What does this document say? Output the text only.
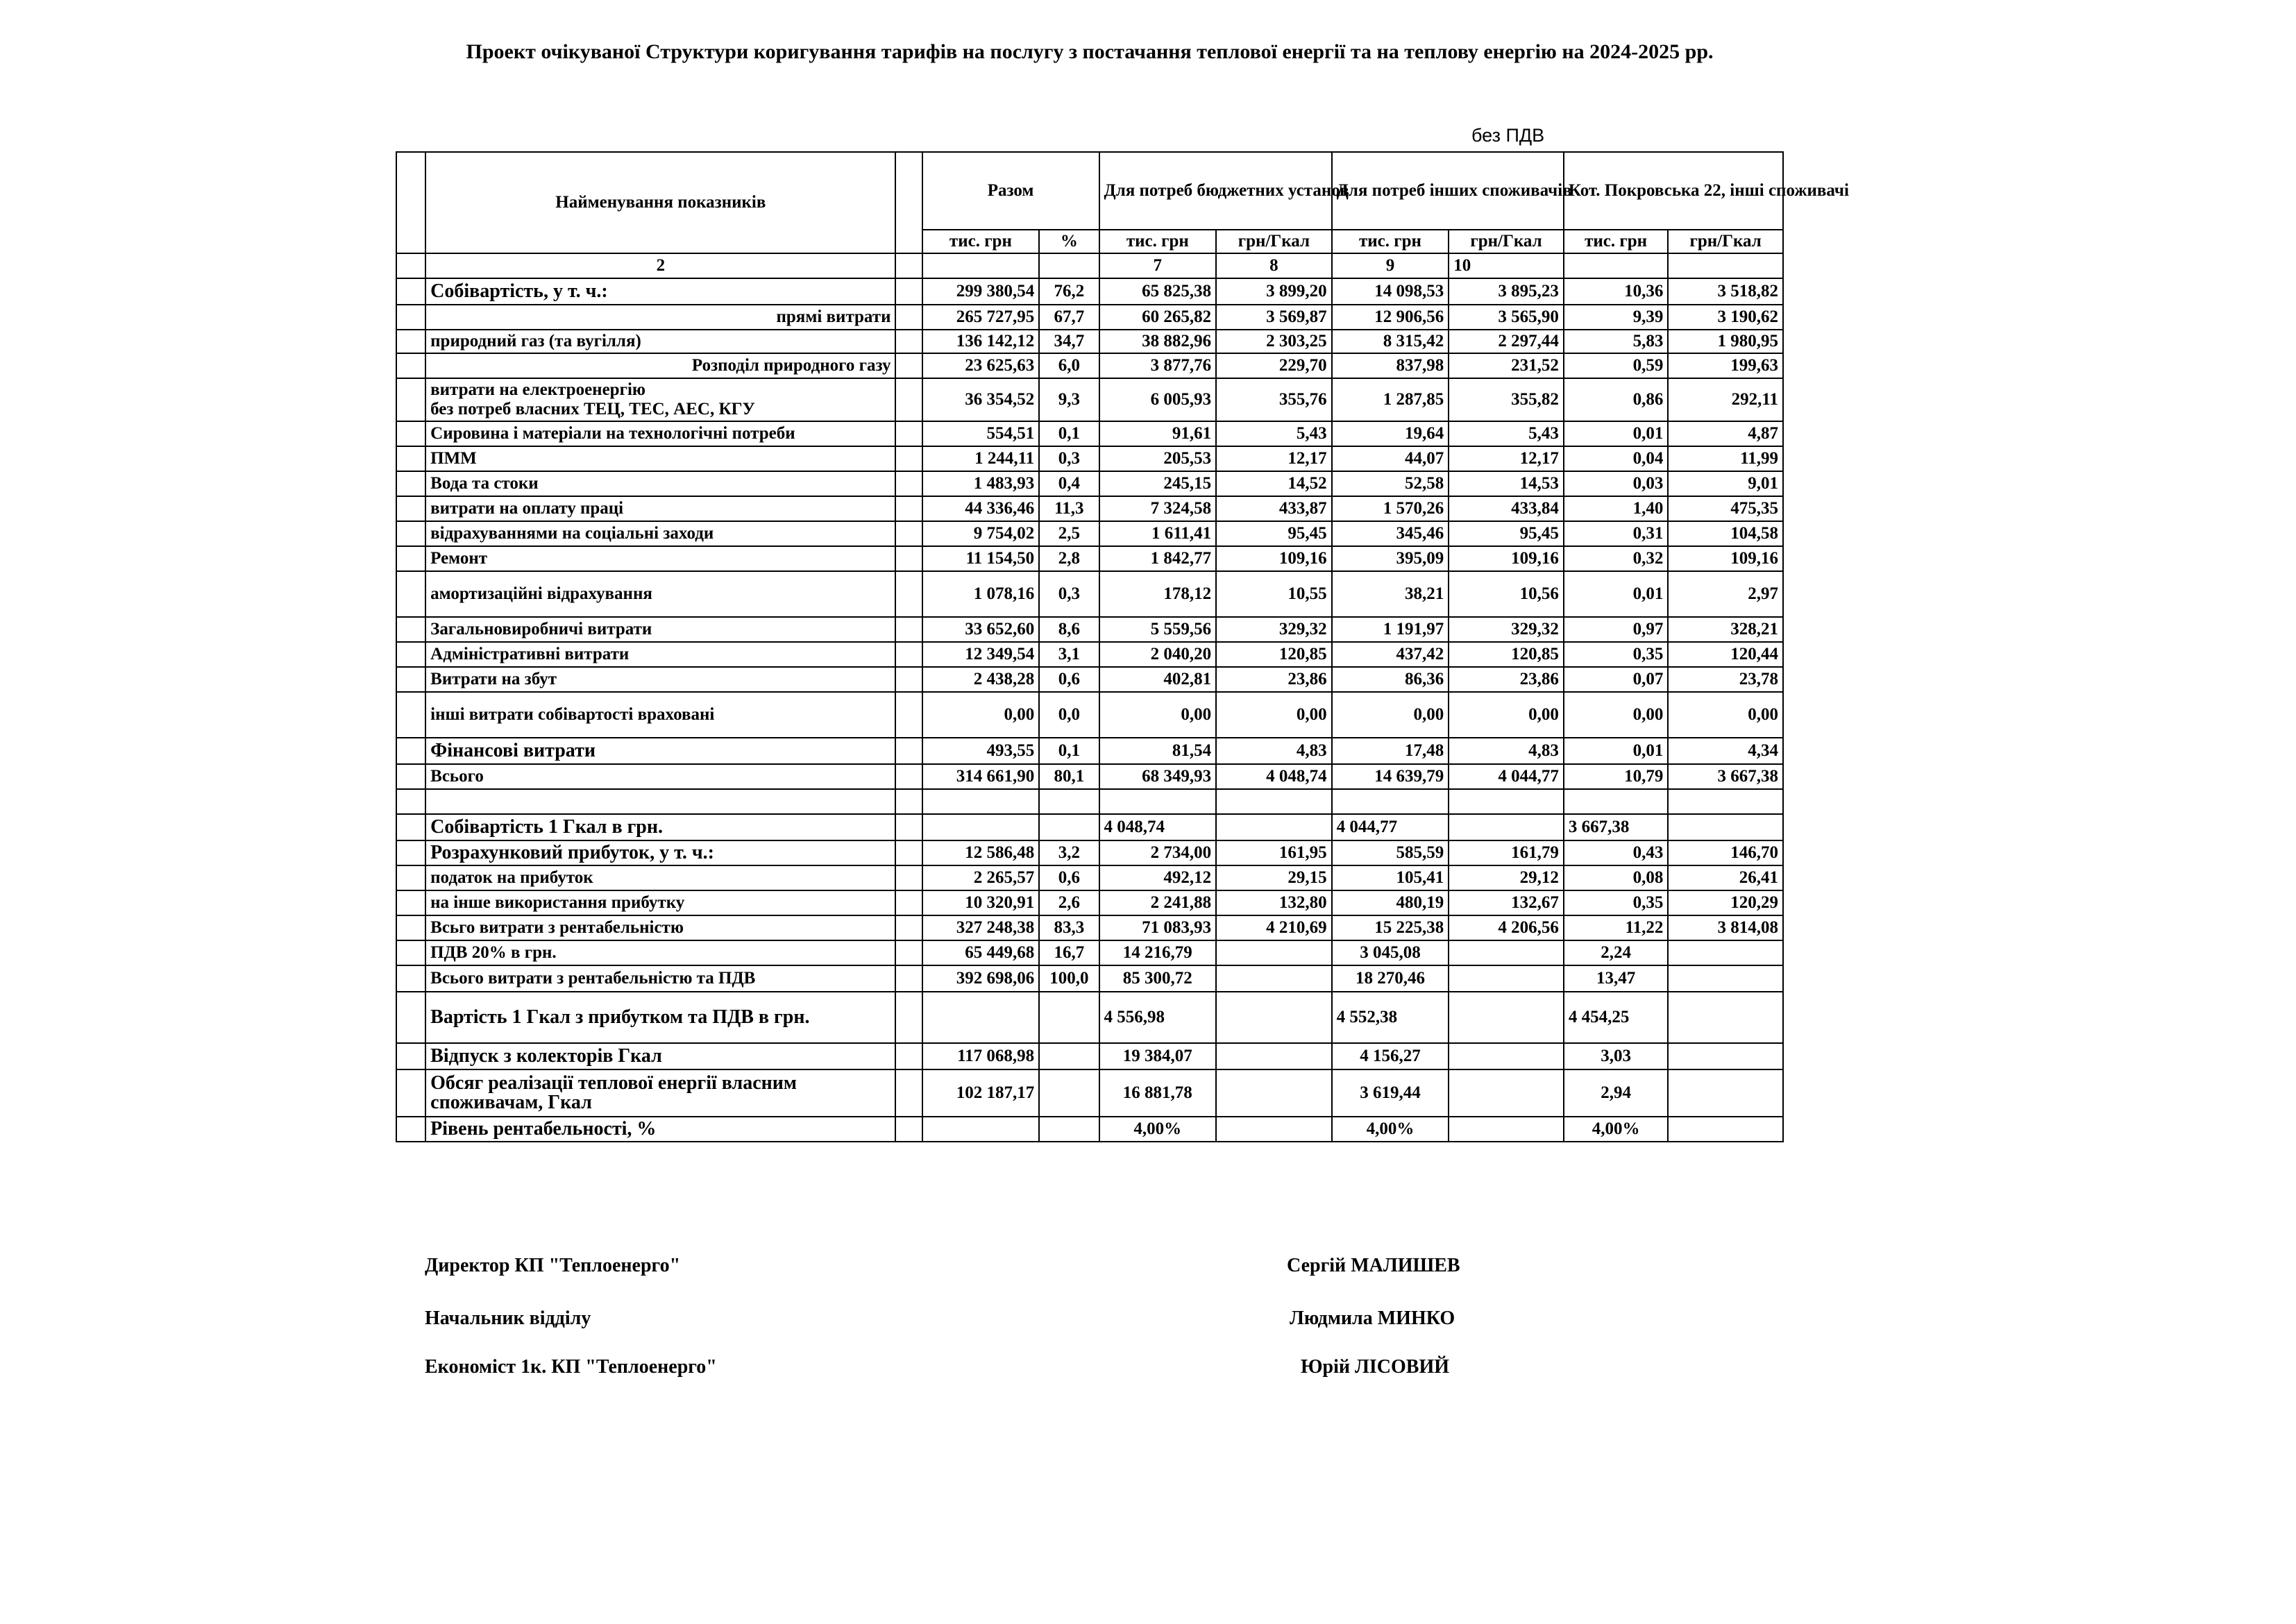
Проект очікуваної Структури коригування тарифів на послугу з постачання теплової енергії та на теплову енергію на 2024-2025 рр.
без ПДВ
	Найменування показників		Разом		Для потреб бюджетних установ		Для потреб інших споживачів		Кот. Покровська 22, інші споживачі	
			тис. грн	%	тис. грн	грн/Гкал	тис. грн	грн/Гкал	тис. грн	грн/Гкал
	2				7	8	9	10		
	Собівартість, у т. ч.:		299 380,54	76,2	65 825,38	3 899,20	14 098,53	3 895,23	10,36	3 518,82
	прямі витрати		265 727,95	67,7	60 265,82	3 569,87	12 906,56	3 565,90	9,39	3 190,62
	природний газ (та вугілля)		136 142,12	34,7	38 882,96	2 303,25	8 315,42	2 297,44	5,83	1 980,95
	Розподіл природного газу		23 625,63	6,0	3 877,76	229,70	837,98	231,52	0,59	199,63

	витрати на електроенергію
без потреб власних ТЕЦ, ТЕС, АЕС, КГУ		36 354,52	9,3	6 005,93	355,76	1 287,85	355,82	0,86	292,11
	Сировина і матеріали на технологічні потреби		554,51	0,1	91,61	5,43	19,64	5,43	0,01	4,87
	ПММ		1 244,11	0,3	205,53	12,17	44,07	12,17	0,04	11,99
	Вода та стоки		1 483,93	0,4	245,15	14,52	52,58	14,53	0,03	9,01
	витрати на оплату праці		44 336,46	11,3	7 324,58	433,87	1 570,26	433,84	1,40	475,35
	відрахуваннями на соціальні заходи		9 754,02	2,5	1 611,41	95,45	345,46	95,45	0,31	104,58
	Ремонт		11 154,50	2,8	1 842,77	109,16	395,09	109,16	0,32	109,16
	амортизаційні відрахування		1 078,16	0,3	178,12	10,55	38,21	10,56	0,01	2,97
	Загальновиробничі витрати		33 652,60	8,6	5 559,56	329,32	1 191,97	329,32	0,97	328,21
	Адміністративні витрати		12 349,54	3,1	2 040,20	120,85	437,42	120,85	0,35	120,44
	Витрати на збут		2 438,28	0,6	402,81	23,86	86,36	23,86	0,07	23,78
	інші витрати собівартості враховані		0,00	0,0	0,00	0,00	0,00	0,00	0,00	0,00
	Фінансові витрати		493,55	0,1	81,54	4,83	17,48	4,83	0,01	4,34
	Всього		314 661,90	80,1	68 349,93	4 048,74	14 639,79	4 044,77	10,79	3 667,38

	Собівартість 1 Гкал в грн.				4 048,74		4 044,77		3 667,38	
	Розрахунковий прибуток, у т. ч.:		12 586,48	3,2	2 734,00	161,95	585,59	161,79	0,43	146,70
	податок на прибуток		2 265,57	0,6	492,12	29,15	105,41	29,12	0,08	26,41
	на інше використання прибутку		10 320,91	2,6	2 241,88	132,80	480,19	132,67	0,35	120,29
	Всьго витрати з рентабельністю		327 248,38	83,3	71 083,93	4 210,69	15 225,38	4 206,56	11,22	3 814,08
	ПДВ 20% в грн.		65 449,68	16,7	14 216,79		3 045,08		2,24	
	Всього витрати з рентабельністю та ПДВ		392 698,06	100,0	85 300,72		18 270,46		13,47	
	Вартість 1 Гкал з прибутком та ПДВ в грн.				4 556,98		4 552,38		4 454,25	
	Відпуск з колекторів Гкал		117 068,98		19 384,07		4 156,27		3,03	

	Обсяг реалізації теплової енергії власним
споживачам, Гкал		102 187,17		16 881,78		3 619,44		2,94	
	Рівень рентабельності, %				4,00%		4,00%		4,00%	
Директор КП "Теплоенерго"	Сергій МАЛИШЕВ
Начальник відділу	Людмила МИНКО
Економіст 1к. КП "Теплоенерго"	Юрій ЛІСОВИЙ
